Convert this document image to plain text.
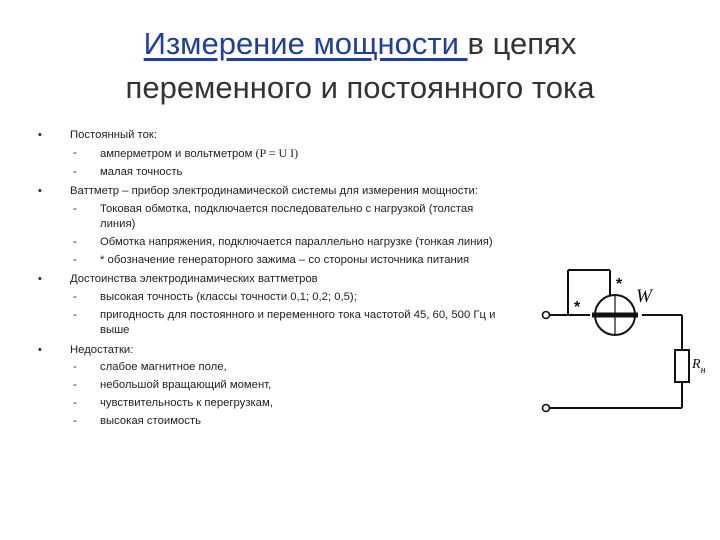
Измерение мощности в цепях
переменного и постоянного тока
• Постоянный ток:
- амперметром и вольтметром (P = U I)
- малая точность
• Ваттметр – прибор электродинамической системы для измерения мощности:
- Токовая обмотка, подключается последовательно с нагрузкой (толстая линия)
- Обмотка напряжения, подключается параллельно нагрузке (тонкая линия)
- * обозначение генераторного зажима – со стороны источника питания
• Достоинства электродинамических ваттметров
- высокая точность (классы точности 0,1; 0,2; 0,5);
- пригодность для постоянного и переменного тока частотой 45, 60, 500 Гц и выше
• Недостатки:
- слабое магнитное поле,
- небольшой вращающий момент,
- чувствительность к перегрузкам,
- высокая стоимость
W
*
*
$R_н$
